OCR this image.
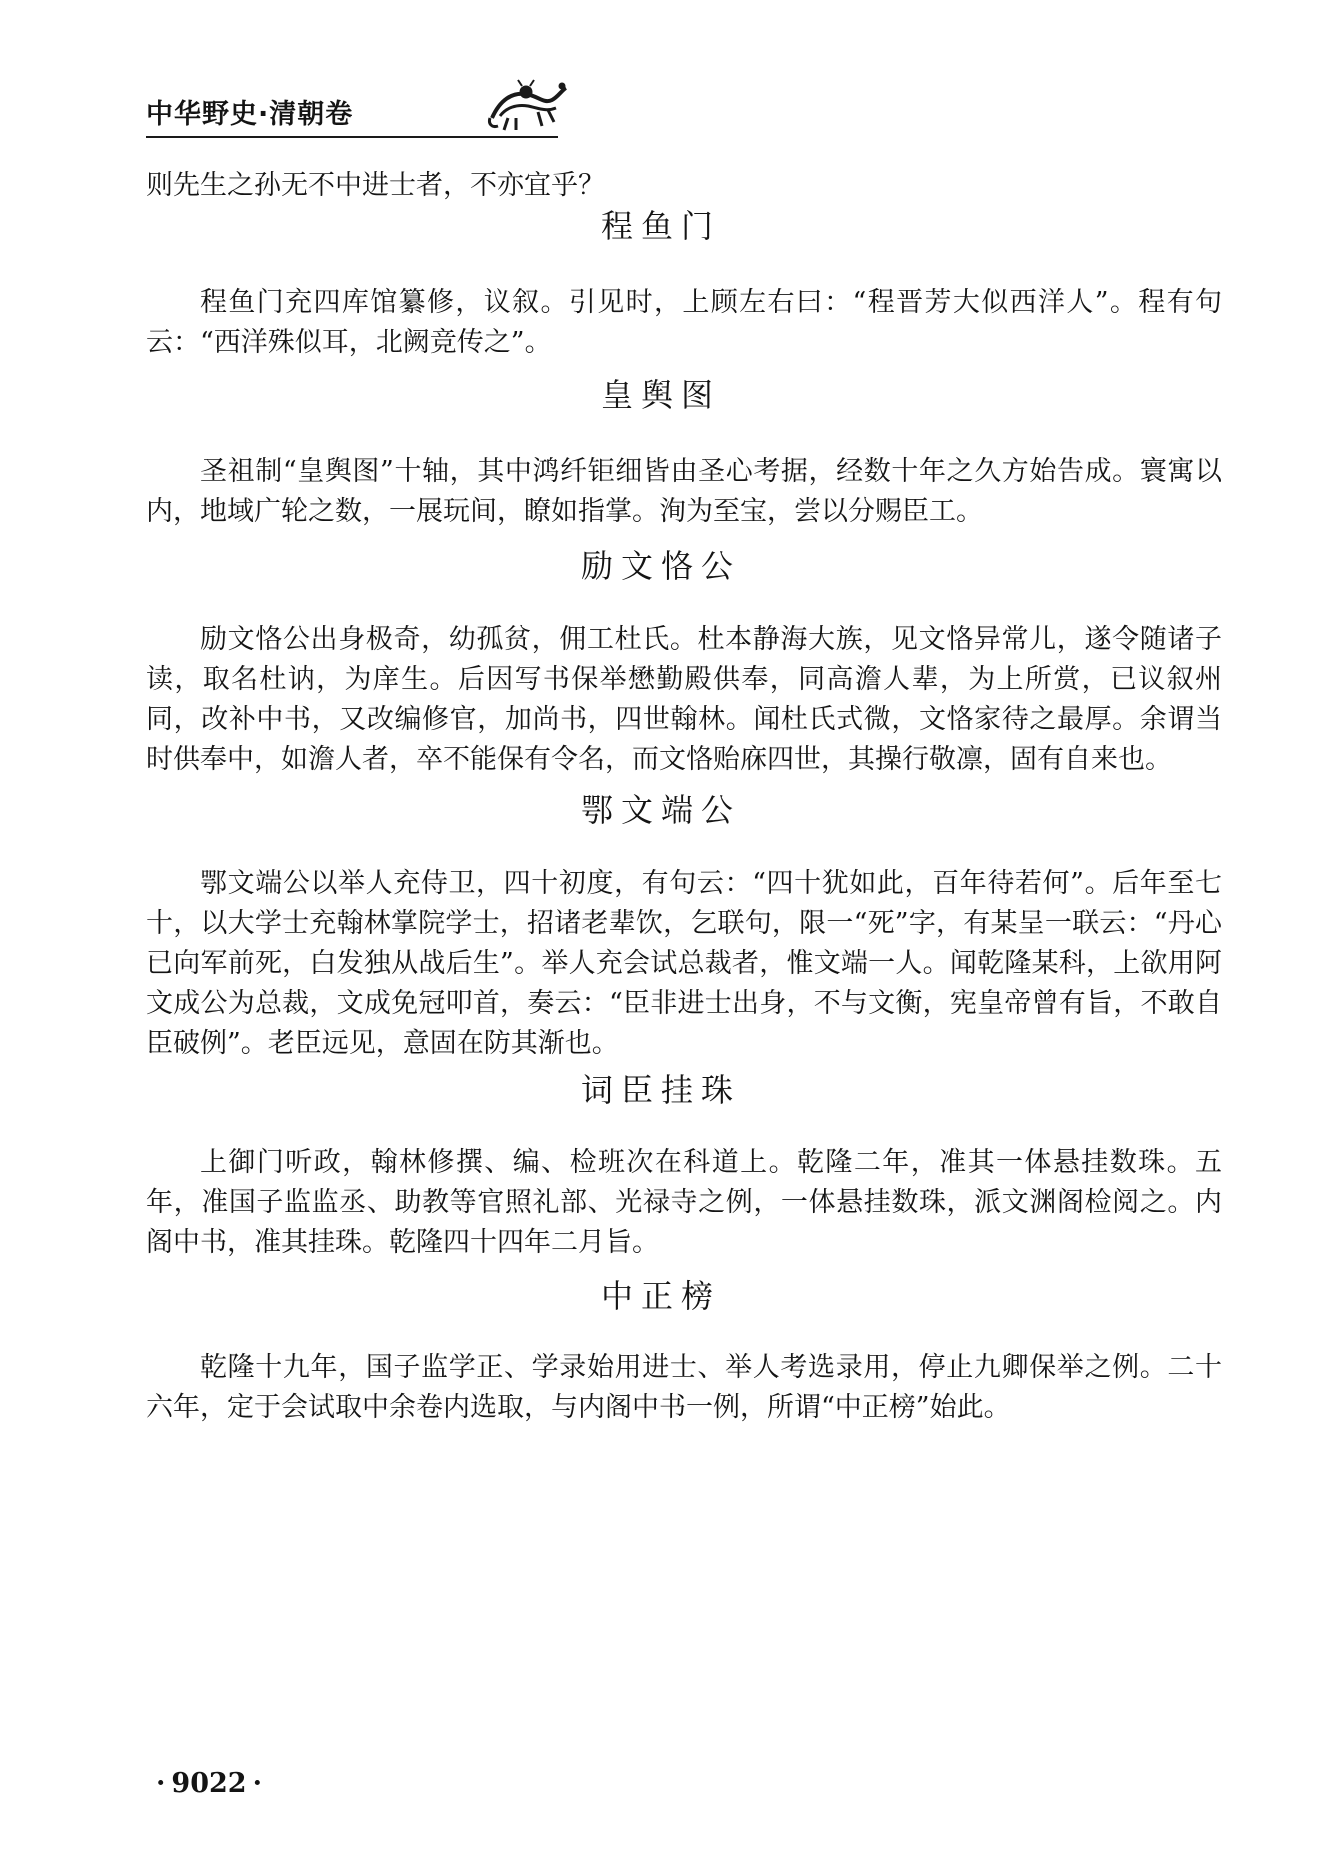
中华野史·清朝卷
则先生之孙无不中进士者，不亦宜乎？
程鱼门
程鱼门充四库馆纂修，议叙。引见时，上顾左右曰：“程晋芳大似西洋人”。程有句云：“西洋殊似耳，北阙竞传之”。
皇舆图
圣祖制“皇舆图”十轴，其中鸿纤钜细皆由圣心考据，经数十年之久方始告成。寰寓以内，地域广轮之数，一展玩间，瞭如指掌。洵为至宝，尝以分赐臣工。
励文恪公
励文恪公出身极奇，幼孤贫，佣工杜氏。杜本静海大族，见文恪异常儿，遂令随诸子读，取名杜讷，为庠生。后因写书保举懋勤殿供奉，同高澹人辈，为上所赏，已议叙州同，改补中书，又改编修官，加尚书，四世翰林。闻杜氏式微，文恪家待之最厚。余谓当时供奉中，如澹人者，卒不能保有令名，而文恪贻庥四世，其操行敬凛，固有自来也。
鄂文端公
鄂文端公以举人充侍卫，四十初度，有句云：“四十犹如此，百年待若何”。后年至七十，以大学士充翰林掌院学士，招诸老辈饮，乞联句，限一“死”字，有某呈一联云：“丹心已向军前死，白发独从战后生”。举人充会试总裁者，惟文端一人。闻乾隆某科，上欲用阿文成公为总裁，文成免冠叩首，奏云：“臣非进士出身，不与文衡，宪皇帝曾有旨，不敢自臣破例”。老臣远见，意固在防其渐也。
词臣挂珠
上御门听政，翰林修撰、编、检班次在科道上。乾隆二年，准其一体悬挂数珠。五年，准国子监监丞、助教等官照礼部、光禄寺之例，一体悬挂数珠，派文渊阁检阅之。内阁中书，准其挂珠。乾隆四十四年二月旨。
中正榜
乾隆十九年，国子监学正、学录始用进士、举人考选录用，停止九卿保举之例。二十六年，定于会试取中余卷内选取，与内阁中书一例，所谓“中正榜”始此。
· 9022 ·
